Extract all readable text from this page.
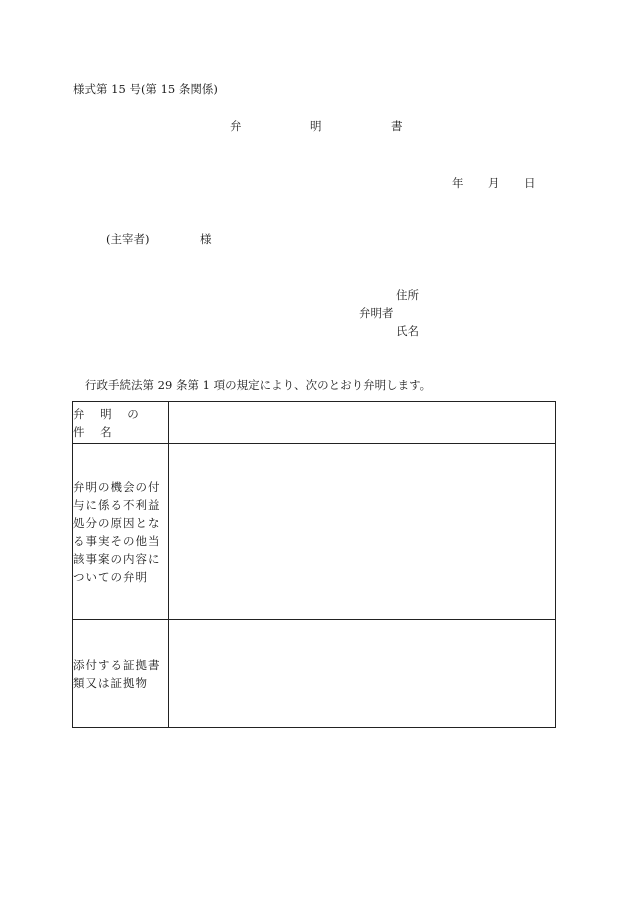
様式第 15 号(第 15 条関係)
弁	明	書
年 月 日
(主宰者)	様
住所
弁明者
氏名
行政手続法第 29 条第 1 項の規定により、次のとおり弁明します。
弁 明 の 件 名	

弁明の機会の付与に係る不利益処分の原因となる事実その他当該事案の内容についての弁明	

添付する証拠書類又は証拠物	
